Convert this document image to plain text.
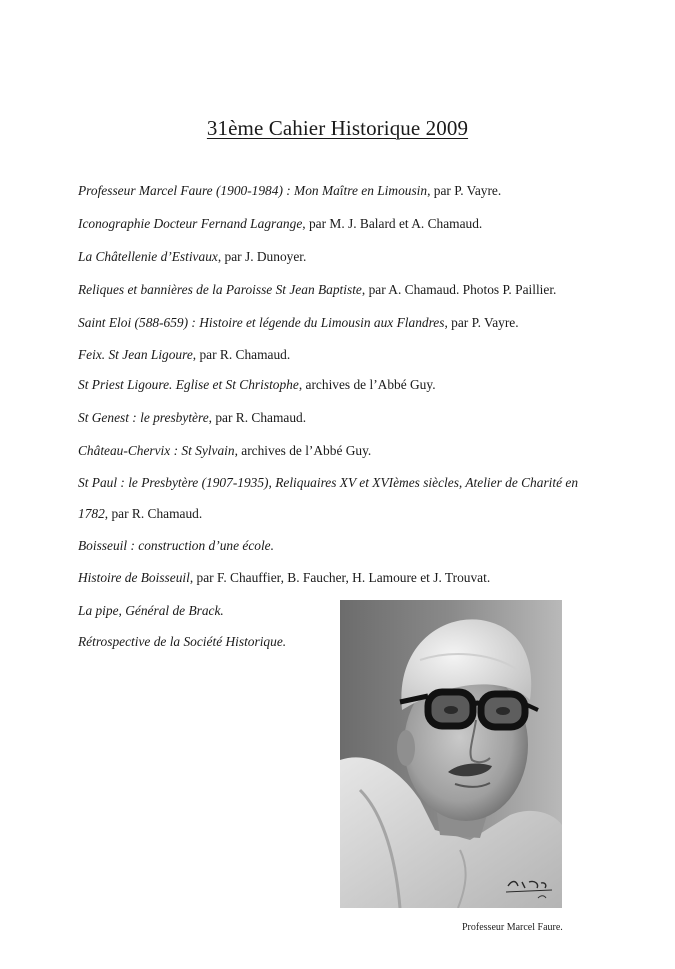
31ème Cahier Historique 2009
Professeur Marcel Faure (1900-1984) : Mon Maître en Limousin, par P. Vayre.
Iconographie Docteur Fernand Lagrange, par M. J. Balard et A. Chamaud.
La Châtellenie d’Estivaux, par J. Dunoyer.
Reliques et bannières de la Paroisse St Jean Baptiste, par A. Chamaud. Photos P. Paillier.
Saint Eloi (588-659) : Histoire et légende du Limousin aux Flandres, par P. Vayre.
Feix. St Jean Ligoure, par R. Chamaud.
St Priest Ligoure. Eglise et St Christophe, archives de l’Abbé Guy.
St Genest : le presbytère, par R. Chamaud.
Château-Chervix : St Sylvain, archives de l’Abbé Guy.
St Paul : le Presbytère (1907-1935), Reliquaires XV et XVIèmes siècles, Atelier de Charité en
1782, par R. Chamaud.
Boisseuil : construction d’une école.
Histoire de Boisseuil, par F. Chauffier, B. Faucher, H. Lamoure et J. Trouvat.
La pipe, Général de Brack.
Rétrospective de la Société Historique.
Professeur Marcel Faure.
